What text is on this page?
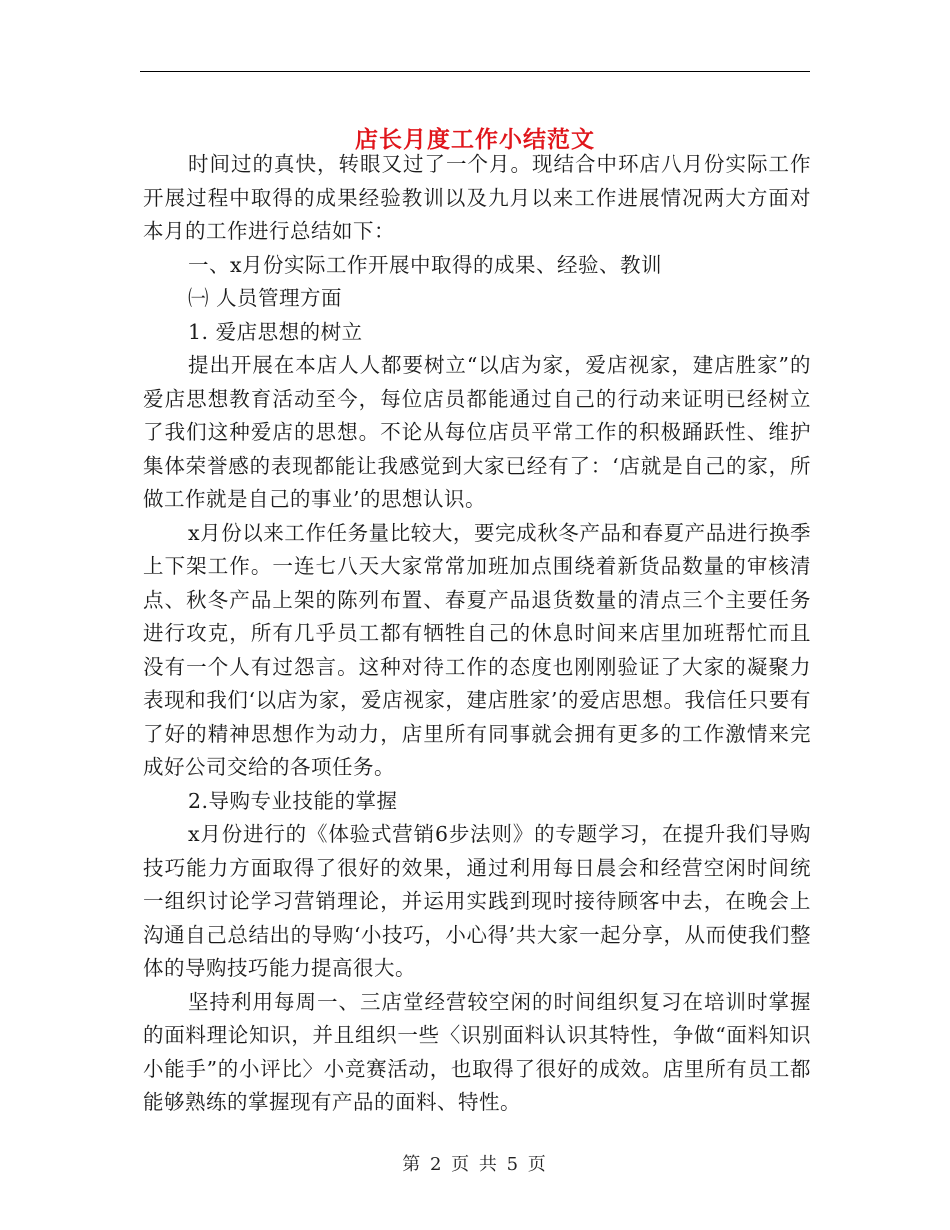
店长月度工作小结范文

时间过的真快，转眼又过了一个月。现结合中环店八月份实际工作开展过程中取得的成果经验教训以及九月以来工作进展情况两大方面对本月的工作进行总结如下：

一、x月份实际工作开展中取得的成果、经验、教训

㈠ 人员管理方面

1. 爱店思想的树立

提出开展在本店人人都要树立“以店为家，爱店视家，建店胜家”的爱店思想教育活动至今，每位店员都能通过自己的行动来证明已经树立了我们这种爱店的思想。不论从每位店员平常工作的积极踊跃性、维护集体荣誉感的表现都能让我感觉到大家已经有了：‘店就是自己的家，所做工作就是自己的事业’的思想认识。

x月份以来工作任务量比较大，要完成秋冬产品和春夏产品进行换季上下架工作。一连七八天大家常常加班加点围绕着新货品数量的审核清点、秋冬产品上架的陈列布置、春夏产品退货数量的清点三个主要任务进行攻克，所有几乎员工都有牺牲自己的休息时间来店里加班帮忙而且没有一个人有过怨言。这种对待工作的态度也刚刚验证了大家的凝聚力表现和我们‘以店为家，爱店视家，建店胜家’的爱店思想。我信任只要有了好的精神思想作为动力，店里所有同事就会拥有更多的工作激情来完成好公司交给的各项任务。

2.导购专业技能的掌握

x月份进行的《体验式营销6步法则》的专题学习，在提升我们导购技巧能力方面取得了很好的效果，通过利用每日晨会和经营空闲时间统一组织讨论学习营销理论，并运用实践到现时接待顾客中去，在晚会上沟通自己总结出的导购‘小技巧，小心得’共大家一起分享，从而使我们整体的导购技巧能力提高很大。

坚持利用每周一、三店堂经营较空闲的时间组织复习在培训时掌握的面料理论知识，并且组织一些〈识别面料认识其特性，争做“面料知识小能手”的小评比〉小竞赛活动，也取得了很好的成效。店里所有员工都能够熟练的掌握现有产品的面料、特性。

第 2 页 共 5 页
